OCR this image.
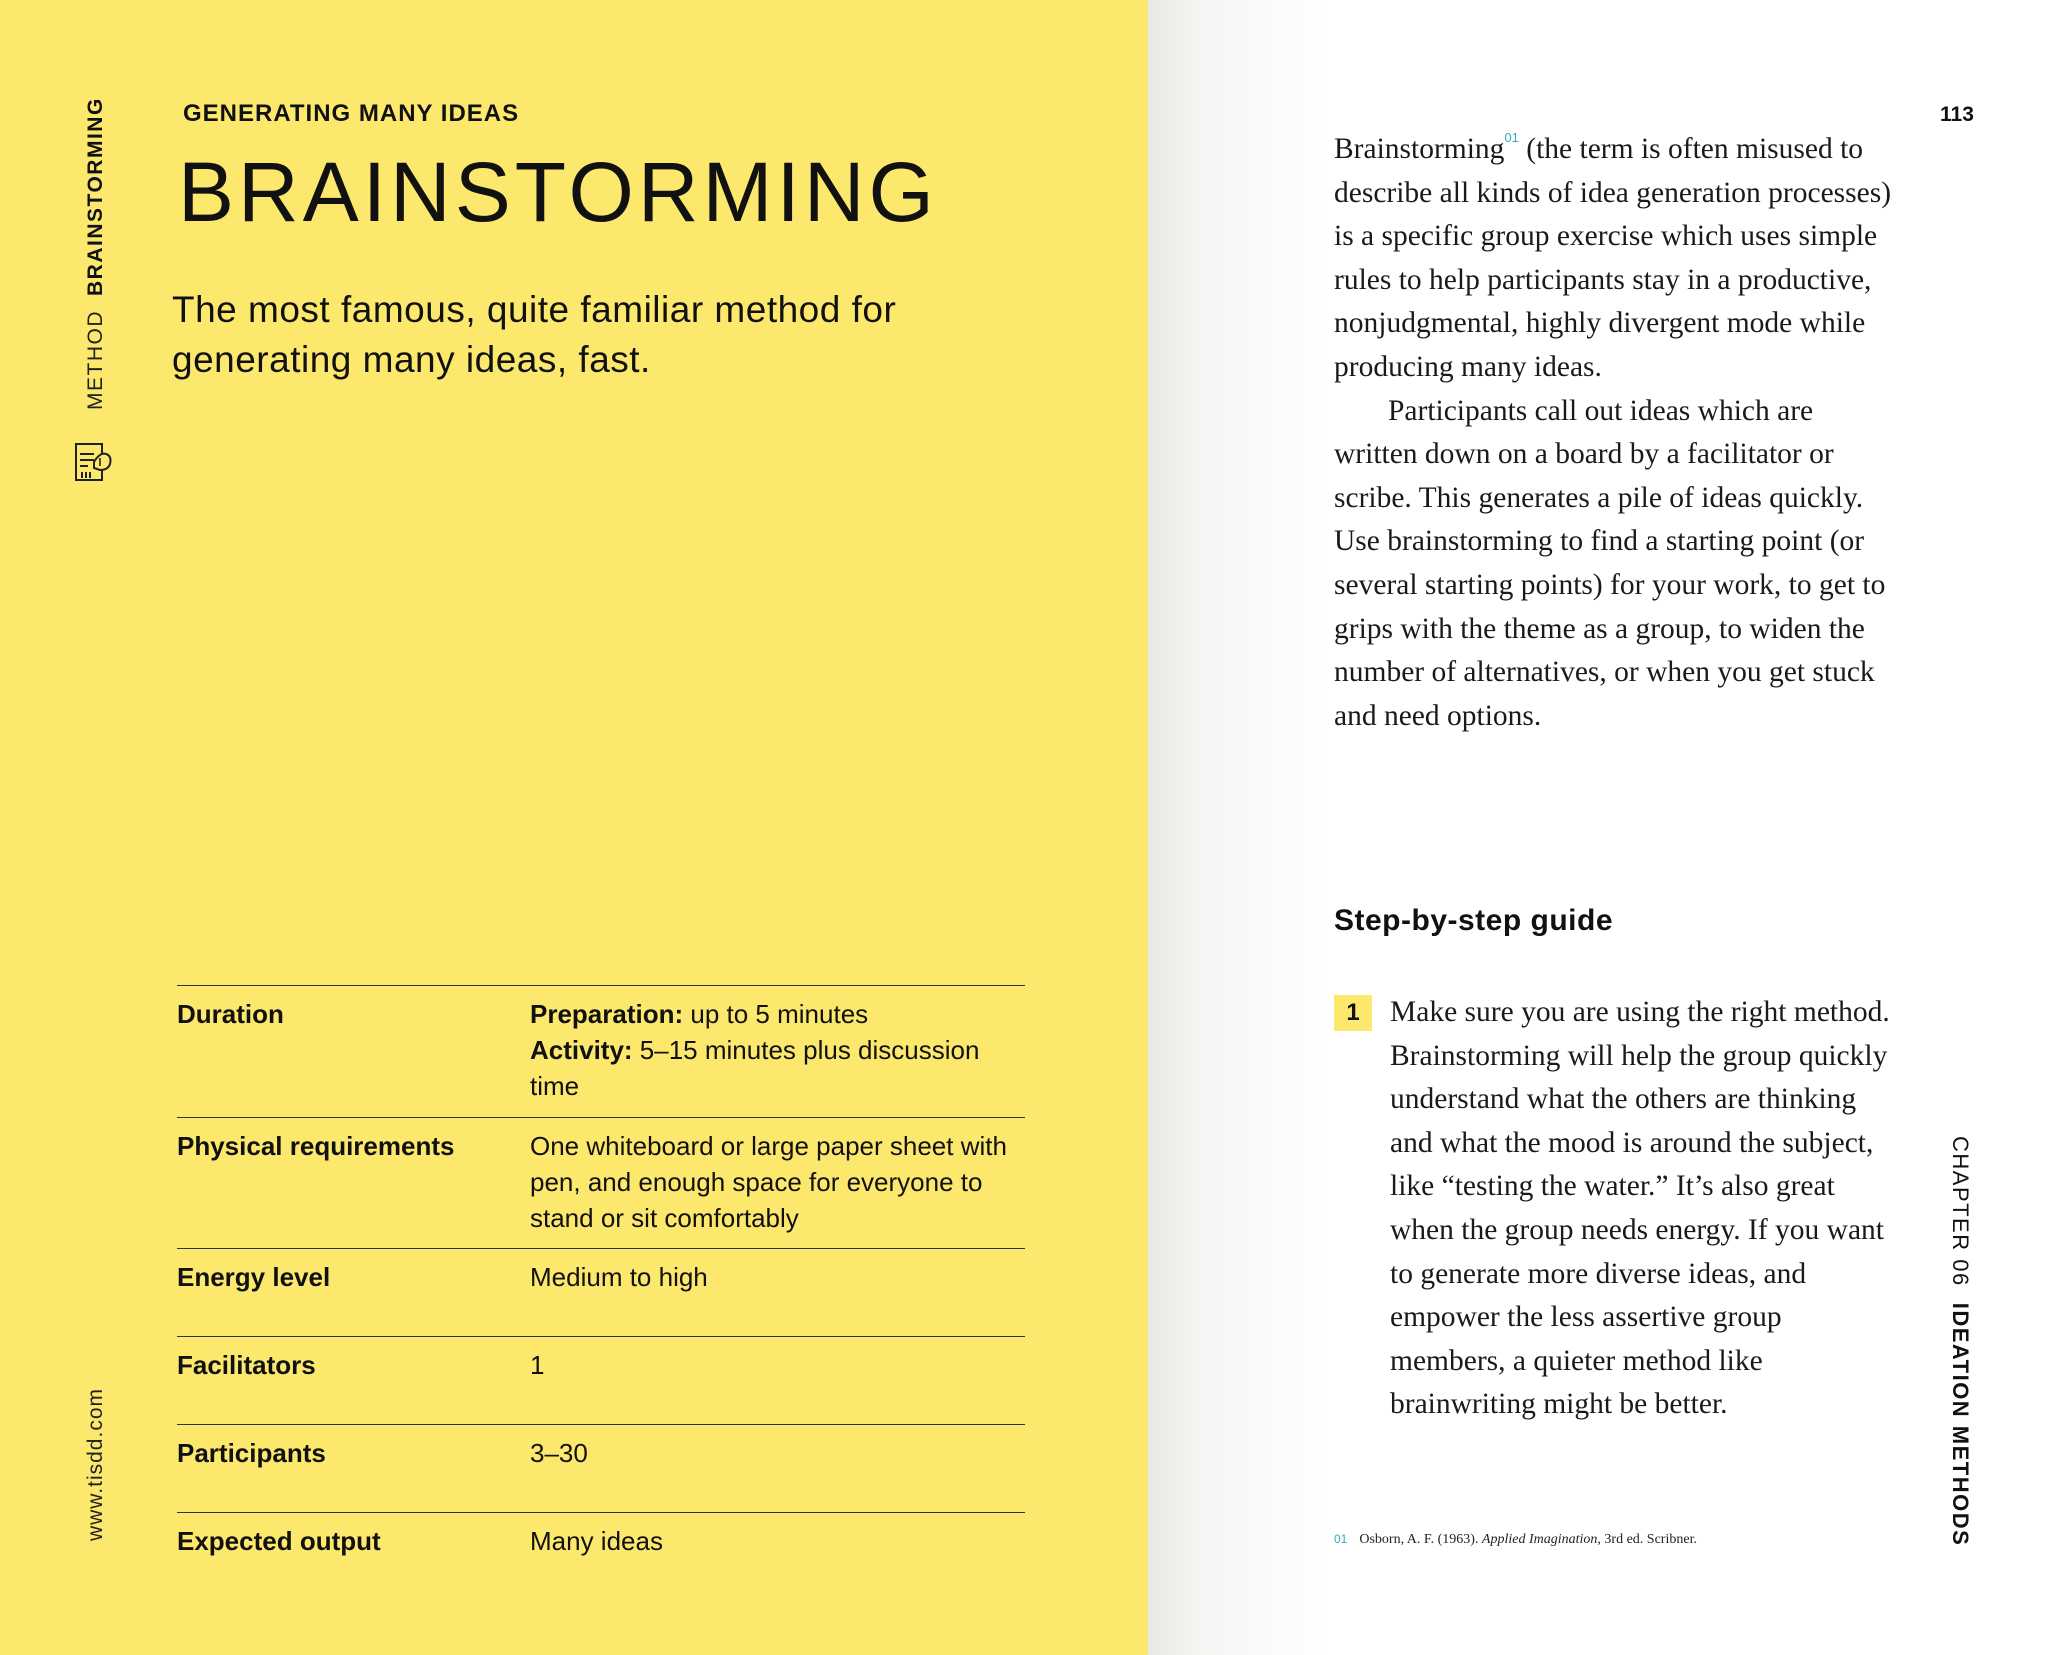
METHODBRAINSTORMING
www.tisdd.com
GENERATING MANY IDEAS
BRAINSTORMING
The most famous, quite familiar method for generating many ideas, fast.
Duration	Preparation: up to 5 minutes
Activity: 5–15 minutes plus discussion time
Physical requirements	One whiteboard or large paper sheet with pen, and enough space for everyone to stand or sit comfortably
Energy level	Medium to high
Facilitators	1
Participants	3–30
Expected output	Many ideas
113

Brainstorming$^{01}$ (the term is often misused to describe all kinds of idea generation processes) is a specific group exercise which uses simple rules to help participants stay in a productive, nonjudgmental, highly divergent mode while producing many ideas.

Participants call out ideas which are written down on a board by a facilitator or scribe. This generates a pile of ideas quickly. Use brainstorming to find a starting point (or several starting points) for your work, to get to grips with the theme as a group, to widen the number of alternatives, or when you get stuck and need options.

Step-by-step guide
1	Make sure you are using the right method. Brainstorming will help the group quickly understand what the others are thinking and what the mood is around the subject, like “testing the water.” It’s also great when the group needs energy. If you want to generate more diverse ideas, and empower the less assertive group members, a quieter method like brainwriting might be better.
01 Osborn, A. F. (1963). Applied Imagination, 3rd ed. Scribner.
CHAPTER 06IDEATION METHODS
